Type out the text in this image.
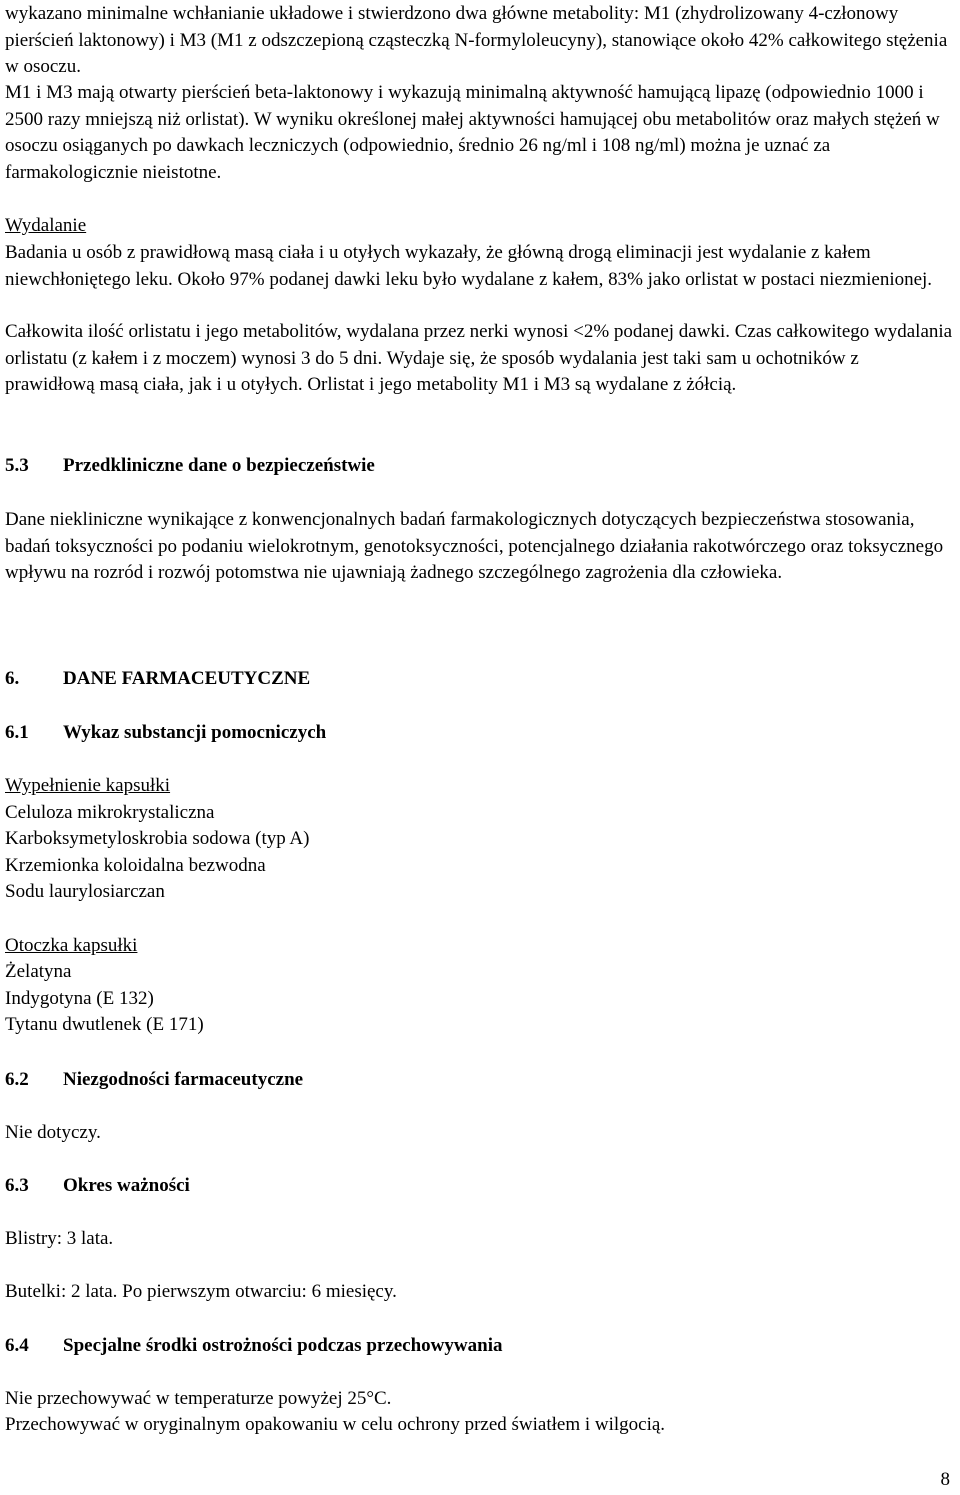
wykazano minimalne wchłanianie układowe i stwierdzono dwa główne metabolity: M1 (zhydrolizowany 4-członowy pierścień laktonowy) i M3 (M1 z odszczepioną cząsteczką N-formyloleucyny), stanowiące około 42% całkowitego stężenia w osoczu.

M1 i M3 mają otwarty pierścień beta-laktonowy i wykazują minimalną aktywność hamującą lipazę (odpowiednio 1000 i 2500 razy mniejszą niż orlistat). W wyniku określonej małej aktywności hamującej obu metabolitów oraz małych stężeń w osoczu osiąganych po dawkach leczniczych (odpowiednio, średnio 26 ng/ml i 108 ng/ml) można je uznać za farmakologicznie nieistotne.

Wydalanie

Badania u osób z prawidłową masą ciała i u otyłych wykazały, że główną drogą eliminacji jest wydalanie z kałem niewchłoniętego leku. Około 97% podanej dawki leku było wydalane z kałem, 83% jako orlistat w postaci niezmienionej.

Całkowita ilość orlistatu i jego metabolitów, wydalana przez nerki wynosi <2% podanej dawki. Czas całkowitego wydalania orlistatu (z kałem i z moczem) wynosi 3 do 5 dni. Wydaje się, że sposób wydalania jest taki sam u ochotników z prawidłową masą ciała, jak i u otyłych. Orlistat i jego metabolity M1 i M3 są wydalane z żółcią.

5.3 Przedkliniczne dane o bezpieczeństwie

Dane niekliniczne wynikające z konwencjonalnych badań farmakologicznych dotyczących bezpieczeństwa stosowania, badań toksyczności po podaniu wielokrotnym, genotoksyczności, potencjalnego działania rakotwórczego oraz toksycznego wpływu na rozród i rozwój potomstwa nie ujawniają żadnego szczególnego zagrożenia dla człowieka.

6. DANE FARMACEUTYCZNE
6.1 Wykaz substancji pomocniczych

Wypełnienie kapsułki

Celuloza mikrokrystaliczna

Karboksymetyloskrobia sodowa (typ A)

Krzemionka koloidalna bezwodna

Sodu laurylosiarczan

Otoczka kapsułki

Żelatyna

Indygotyna (E 132)

Tytanu dwutlenek (E 171)

6.2 Niezgodności farmaceutyczne

Nie dotyczy.

6.3 Okres ważności

Blistry: 3 lata.

Butelki: 2 lata. Po pierwszym otwarciu: 6 miesięcy.

6.4 Specjalne środki ostrożności podczas przechowywania

Nie przechowywać w temperaturze powyżej 25°C.

Przechowywać w oryginalnym opakowaniu w celu ochrony przed światłem i wilgocią.

8
